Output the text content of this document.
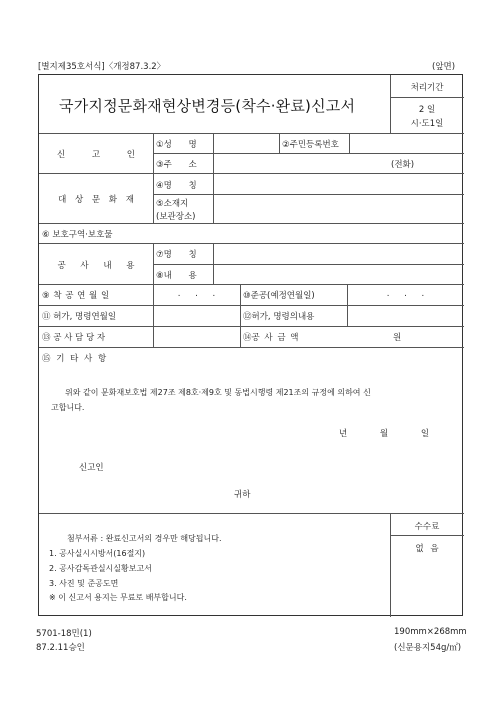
[별지제35호서식]〈개정87.3.2〉	(앞면)
국가지정문화재현상변경등(착수·완료)신고서
처리기간
2 일
시·도1일
신 고 인
①성 명	②주민등록번호
③주 소	(전화)
대 상 문 화 재
④명 칭
⑤소재지
(보관장소)
⑥ 보호구역·보호물
공 사 내 용
⑦명 칭
⑧내 용
⑨ 착 공 연 월 일	. . .	⑩준공(예정연월일)	. . .
⑪ 허가, 명령연월일	⑫허가, 명령의내용
⑬ 공 사 담 당 자	⑭공 사 금 액	원
⑮ 기 타 사 항
위와 같이 문화재보호법 제27조 제8호·제9호 및 동법시행령 제21조의 규정에 의하여 신
고합니다.
년 월 일
신고인
귀하
첨부서류 : 완료신고서의 경우만 해당됩니다.
1. 공사실시시방서(16절지)
2. 공사감독관실시실황보고서
3. 사진 및 준공도면
※ 이 신고서 용지는 무료로 배부합니다.
수수료
없 음
5701-18민(1)
87.2.11승인
190mm×268mm
(신문용지54g/㎡)
